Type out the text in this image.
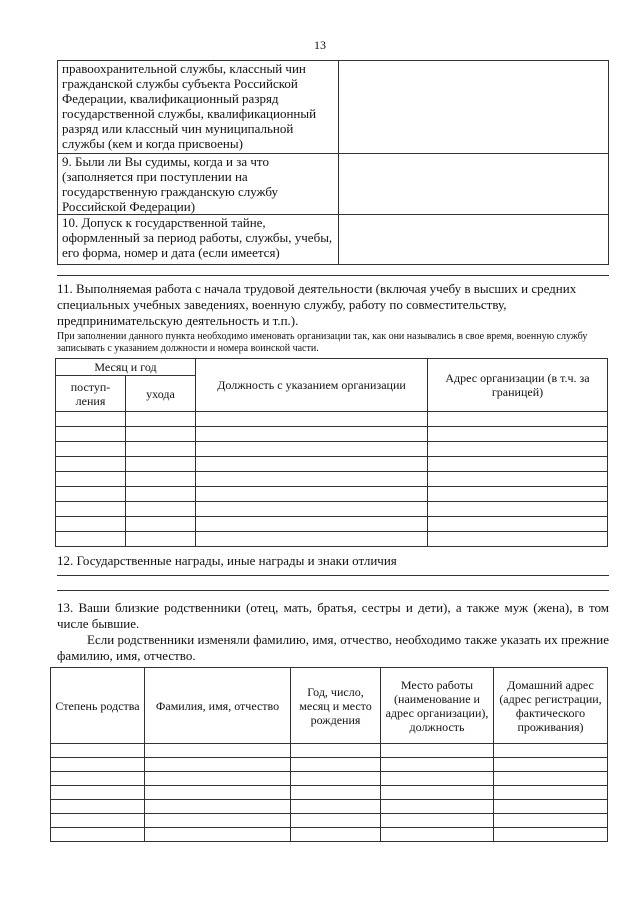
13
правоохранительной службы, классный чин гражданской службы субъекта Российской Федерации, квалификационный разряд государственной службы, квалификационный разряд или классный чин муниципальной службы (кем и когда присвоены)	
9. Были ли Вы судимы, когда и за что (заполняется при поступлении на государственную гражданскую службу Российской Федерации)	
10. Допуск к государственной тайне, оформленный за период работы, службы, учебы, его форма, номер и дата (если имеется)	
11. Выполняемая работа с начала трудовой деятельности (включая учебу в высших и средних специальных учебных заведениях, военную службу, работу по совместительству, предпринимательскую деятельность и т.п.).
При заполнении данного пункта необходимо именовать организации так, как они назывались в свое время, военную службу записывать с указанием должности и номера воинской части.
Месяц и год		Должность с указанием организации	Адрес организации (в т.ч. за границей)
поступ-ления	ухода		

12. Государственные награды, иные награды и знаки отличия
13. Ваши близкие родственники (отец, мать, братья, сестры и дети), а также муж (жена), в том числе бывшие.
Если родственники изменяли фамилию, имя, отчество, необходимо также указать их прежние фамилию, имя, отчество.
Степень родства	Фамилия, имя, отчество	Год, число, месяц и место рождения	Место работы (наименование и адрес организации), должность	Домашний адрес (адрес регистрации, фактического проживания)
